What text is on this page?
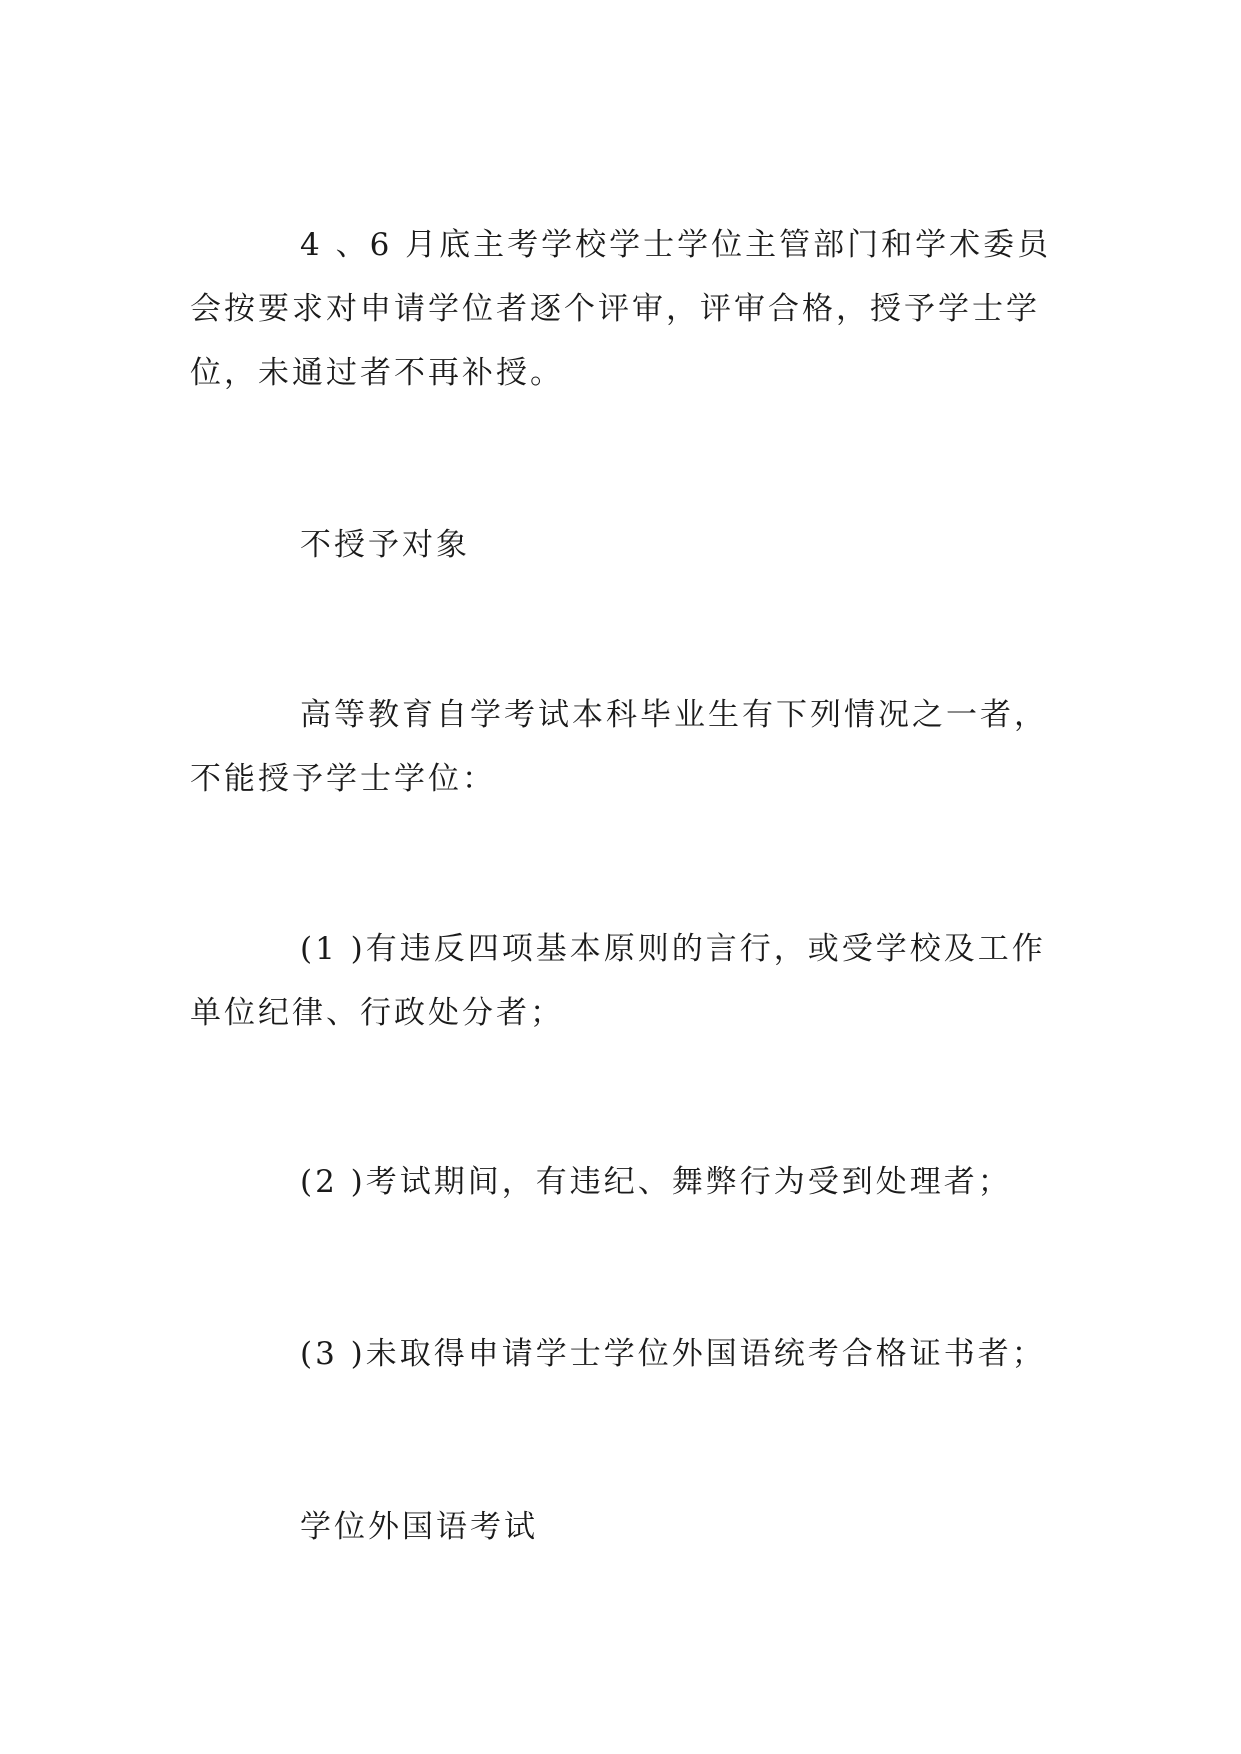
4 、6 月底主考学校学士学位主管部门和学术委员会按要求对申请学位者逐个评审，评审合格，授予学士学位，未通过者不再补授。

不授予对象

高等教育自学考试本科毕业生有下列情况之一者，不能授予学士学位：

(1 )有违反四项基本原则的言行，或受学校及工作单位纪律、行政处分者；

(2 )考试期间，有违纪、舞弊行为受到处理者；

(3 )未取得申请学士学位外国语统考合格证书者；

学位外国语考试
